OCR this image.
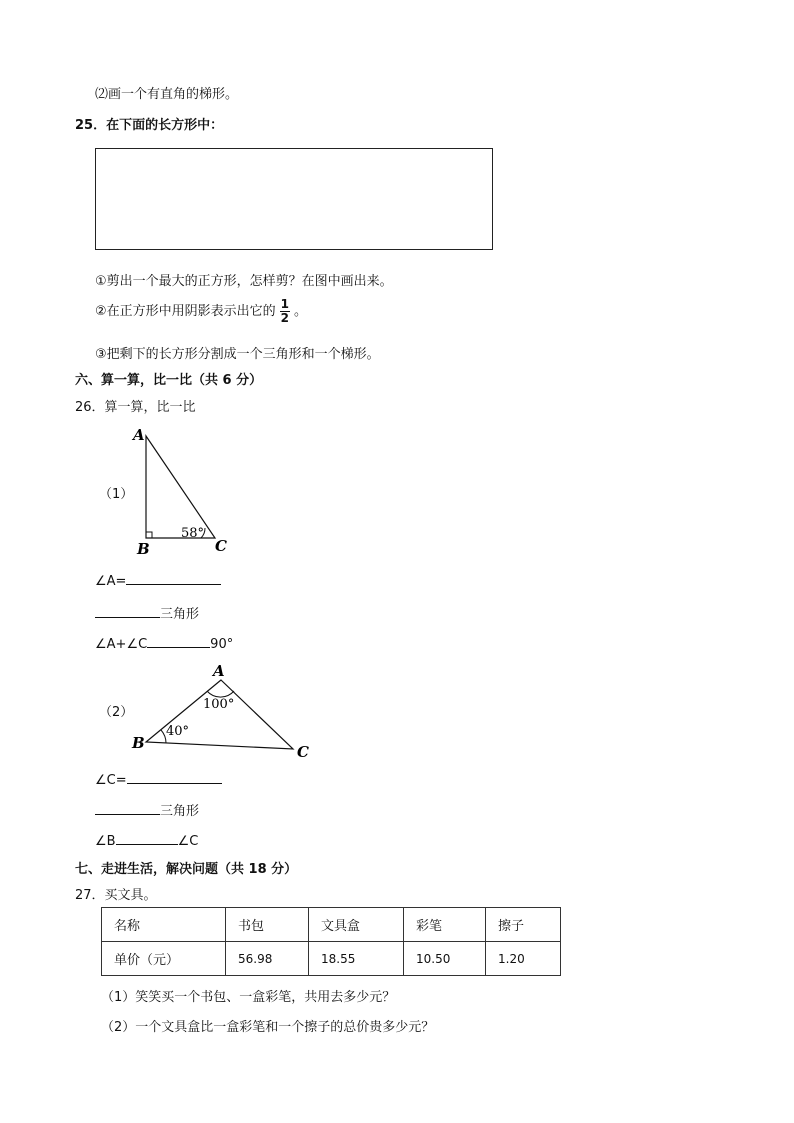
⑵画一个有直角的梯形。
25．在下面的长方形中：
①剪出一个最大的正方形，怎样剪？在图中画出来。
②在正方形中用阴影表示出它的 $\frac{1}{2}$ 。
③把剩下的长方形分割成一个三角形和一个梯形。
六、算一算，比一比（共 6 分）
26．算一算，比一比
（1）
A
B	C
58°
∠A=
三角形
∠A+∠C	90°
（2）
A
B	C
100°
40°
∠C=
三角形
∠B	∠C
七、走进生活，解决问题（共 18 分）
27．买文具。
名称	书包	文具盒	彩笔	擦子
单价（元）	56.98	18.55	10.50	1.20
（1）笑笑买一个书包、一盒彩笔，共用去多少元？
（2）一个文具盒比一盒彩笔和一个擦子的总价贵多少元？
